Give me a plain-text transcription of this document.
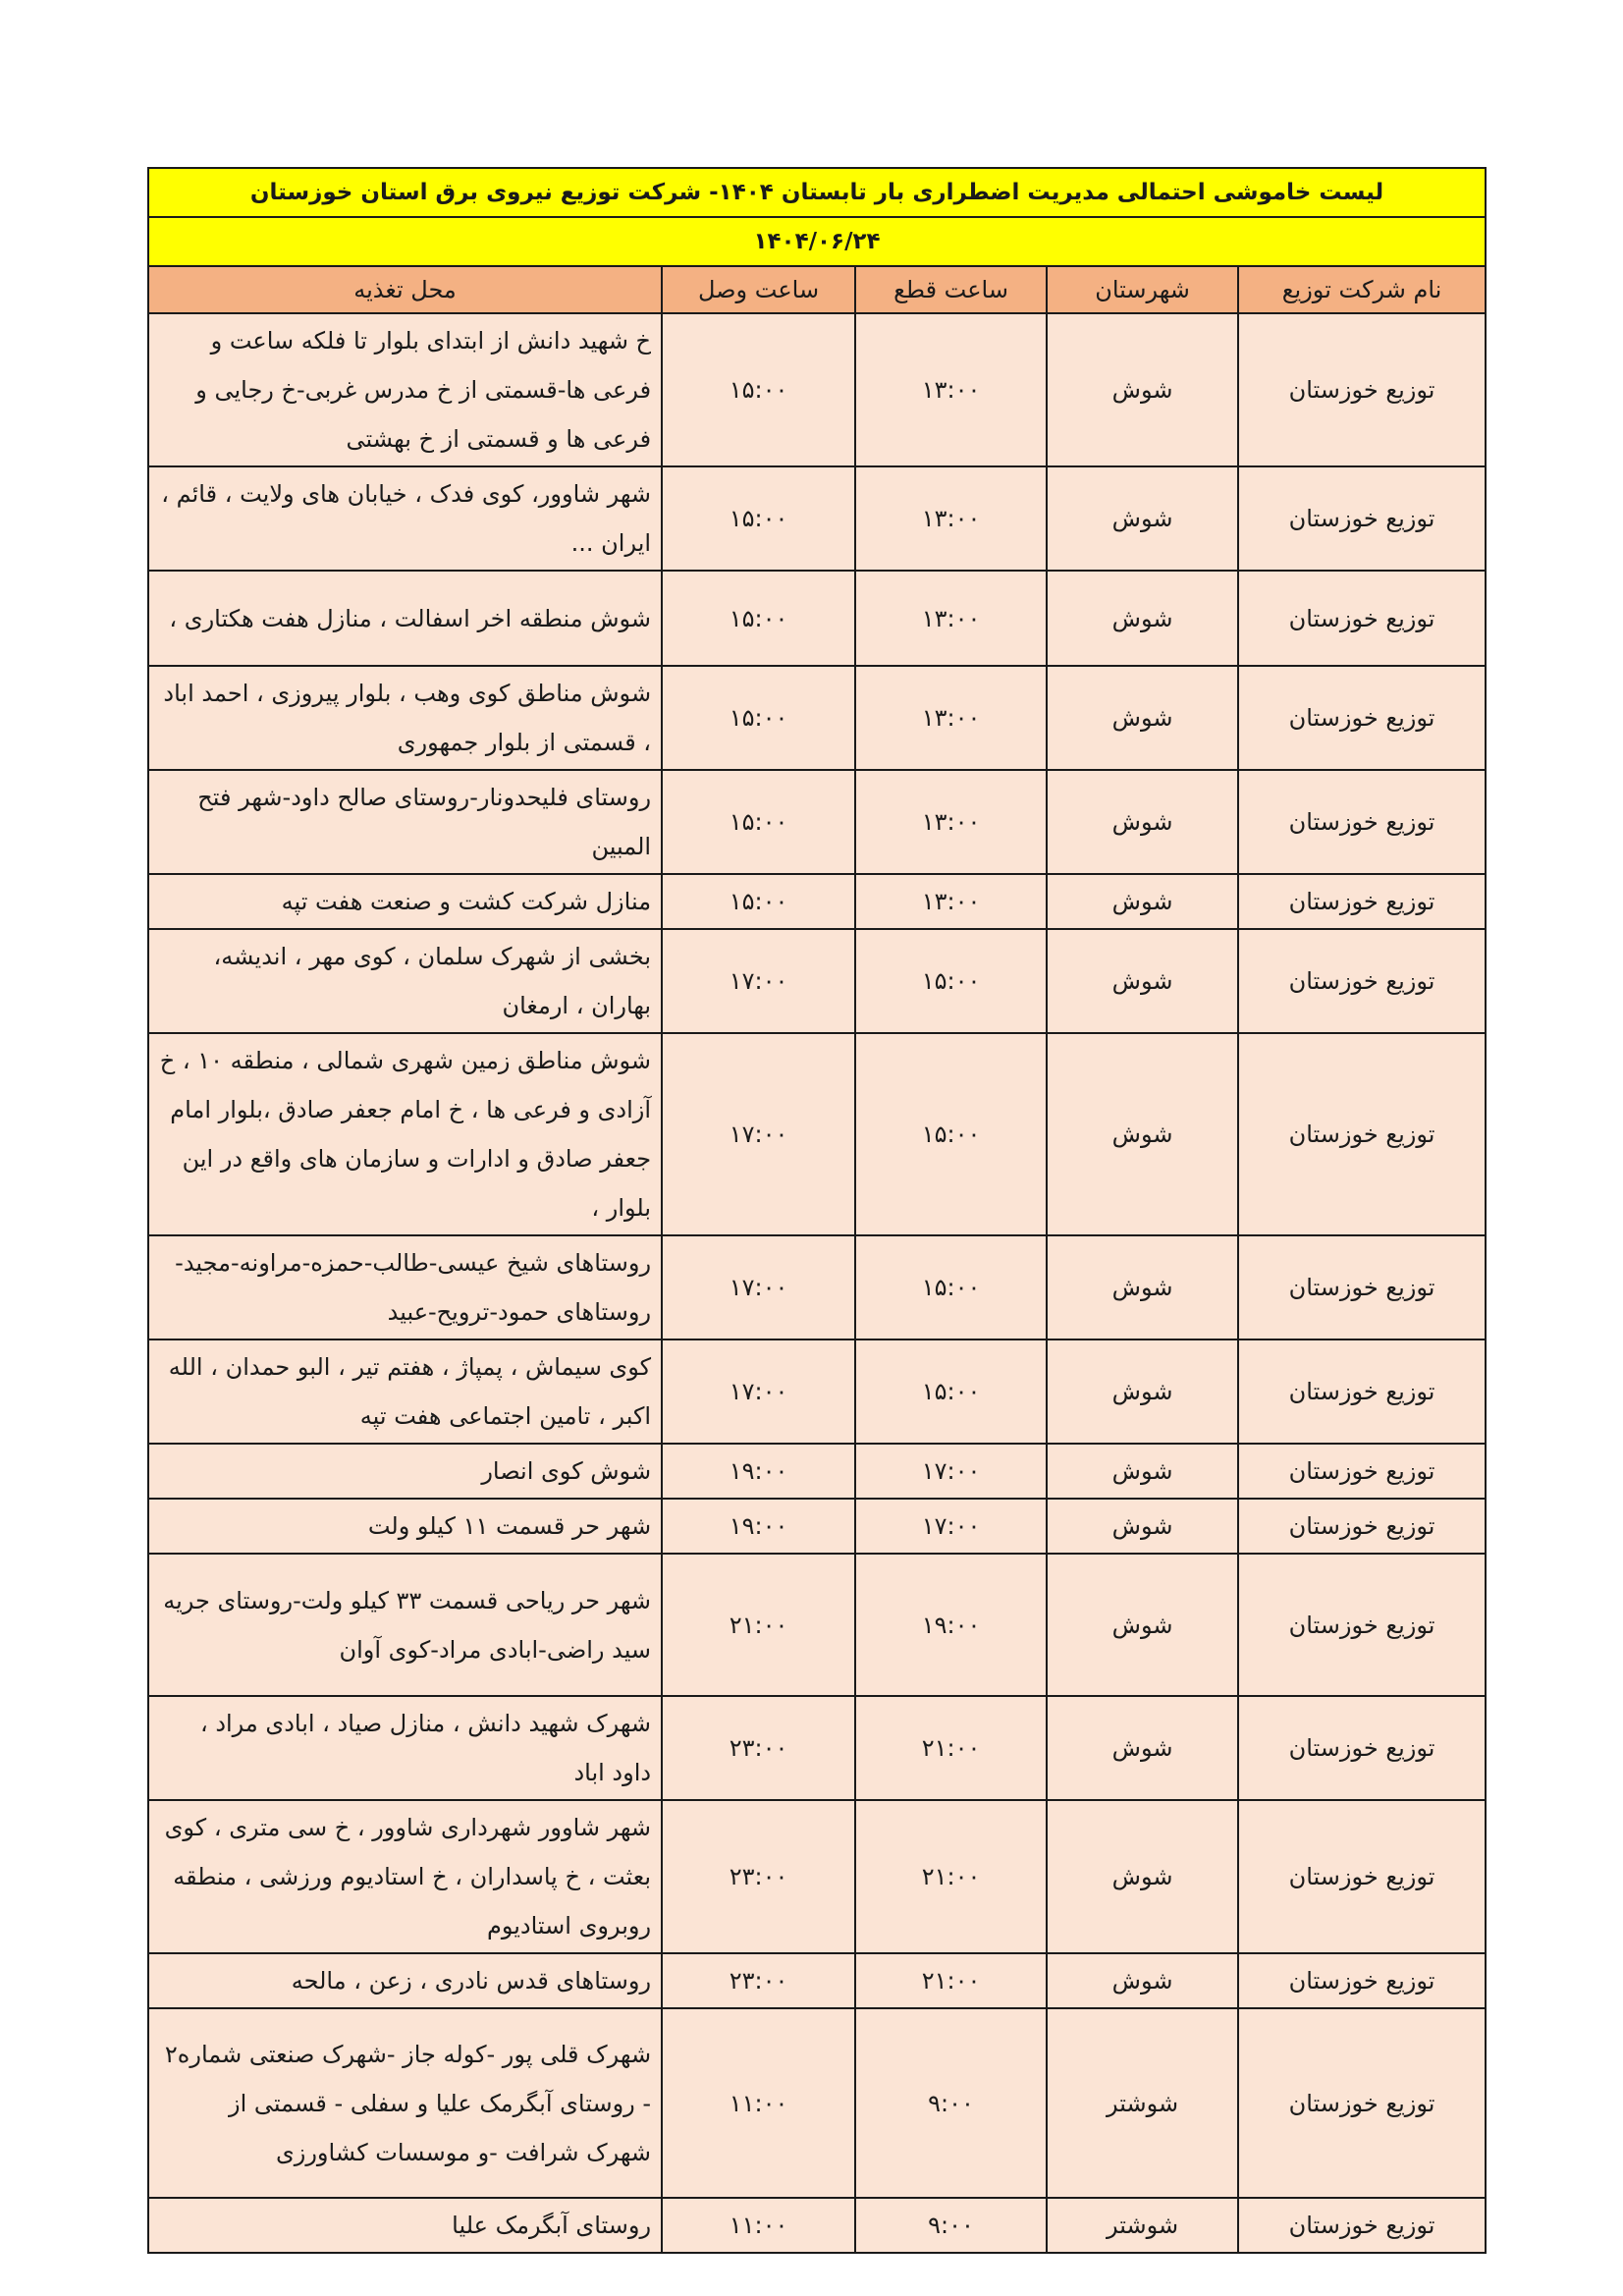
لیست خاموشی احتمالی مدیریت اضطراری بار تابستان ۱۴۰۴- شرکت توزیع نیروی برق استان خوزستان				
۱۴۰۴/۰۶/۲۴				
نام شرکت توزیع	شهرستان	ساعت قطع	ساعت وصل	محل تغذیه
توزیع خوزستان	شوش	۱۳:۰۰	۱۵:۰۰	خ شهید دانش از ابتدای بلوار تا فلکه ساعت و فرعی ها-قسمتی از خ مدرس غربی-خ رجایی و فرعی ها و قسمتی از خ بهشتی
توزیع خوزستان	شوش	۱۳:۰۰	۱۵:۰۰	شهر شاوور، کوی فدک ، خیابان های ولایت ، قائم ، ایران ...
توزیع خوزستان	شوش	۱۳:۰۰	۱۵:۰۰	شوش منطقه اخر اسفالت ، منازل هفت هکتاری ،
توزیع خوزستان	شوش	۱۳:۰۰	۱۵:۰۰	شوش مناطق کوی وهب ، بلوار پیروزی ، احمد اباد ، قسمتی از بلوار جمهوری
توزیع خوزستان	شوش	۱۳:۰۰	۱۵:۰۰	روستای فلیحدونار-روستای صالح داود-شهر فتح المبین
توزیع خوزستان	شوش	۱۳:۰۰	۱۵:۰۰	منازل شرکت کشت و صنعت هفت تپه
توزیع خوزستان	شوش	۱۵:۰۰	۱۷:۰۰	بخشی از شهرک سلمان ، کوی مهر ، اندیشه، بهاران ، ارمغان
توزیع خوزستان	شوش	۱۵:۰۰	۱۷:۰۰	شوش مناطق زمین شهری شمالی ، منطقه ۱۰ ، خ آزادی و فرعی ها ، خ امام جعفر صادق ،بلوار امام جعفر صادق و ادارات و سازمان های واقع در این بلوار ،
توزیع خوزستان	شوش	۱۵:۰۰	۱۷:۰۰	روستاهای شیخ عیسی-طالب-حمزه-مراونه-مجید-روستاهای حمود-ترویح-عبید
توزیع خوزستان	شوش	۱۵:۰۰	۱۷:۰۰	کوی سیماش ، پمپاژ ، هفتم تیر ، البو حمدان ، الله اکبر ، تامین اجتماعی هفت تپه
توزیع خوزستان	شوش	۱۷:۰۰	۱۹:۰۰	شوش کوی انصار
توزیع خوزستان	شوش	۱۷:۰۰	۱۹:۰۰	شهر حر قسمت ۱۱ کیلو ولت
توزیع خوزستان	شوش	۱۹:۰۰	۲۱:۰۰	شهر حر ریاحی قسمت ۳۳ کیلو ولت-روستای جریه سید راضی-ابادی مراد-کوی آوان
توزیع خوزستان	شوش	۲۱:۰۰	۲۳:۰۰	شهرک شهید دانش ، منازل صیاد ، ابادی مراد ، داود اباد
توزیع خوزستان	شوش	۲۱:۰۰	۲۳:۰۰	شهر شاوور شهرداری شاوور ، خ سی متری ، کوی بعثت ، خ پاسداران ، خ استادیوم ورزشی ، منطقه روبروی استادیوم
توزیع خوزستان	شوش	۲۱:۰۰	۲۳:۰۰	روستاهای قدس نادری ، زعن ، مالحه
توزیع خوزستان	شوشتر	۹:۰۰	۱۱:۰۰	شهرک قلی پور -کوله جاز -شهرک صنعتی شماره۲ - روستای آبگرمک علیا و سفلی - قسمتی از شهرک شرافت -و موسسات کشاورزی
توزیع خوزستان	شوشتر	۹:۰۰	۱۱:۰۰	روستای آبگرمک علیا
